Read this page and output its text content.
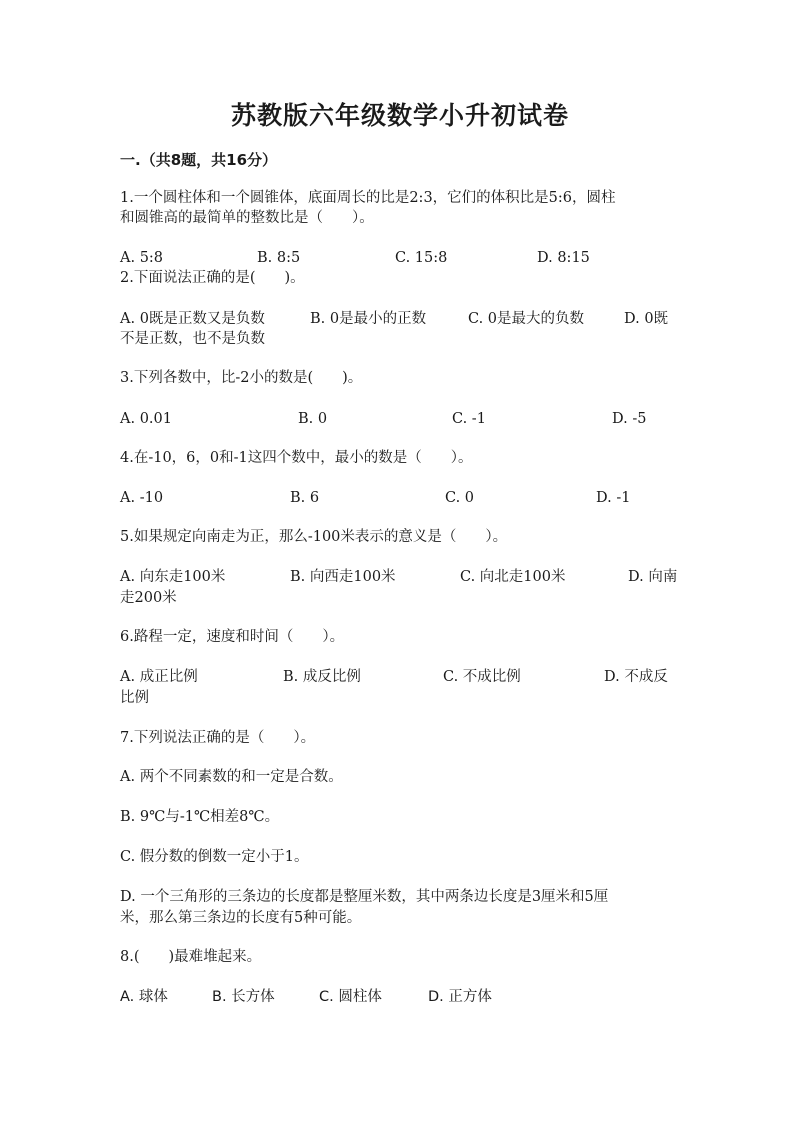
苏教版六年级数学小升初试卷
一.（共8题，共16分）
1.一个圆柱体和一个圆锥体，底面周长的比是2:3，它们的体积比是5:6，圆柱
和圆锥高的最简单的整数比是（　　）。
A. 5:8	B. 8:5	C. 15:8	D. 8:15
2.下面说法正确的是(　　)。
A. 0既是正数又是负数	B. 0是最小的正数	C. 0是最大的负数	D. 0既
不是正数，也不是负数
3.下列各数中，比-2小的数是(　　)。
A. 0.01	B. 0	C. -1	D. -5
4.在-10，6，0和-1这四个数中，最小的数是（　　）。
A. -10	B. 6	C. 0	D. -1
5.如果规定向南走为正，那么-100米表示的意义是（　　）。
A. 向东走100米	B. 向西走100米	C. 向北走100米	D. 向南
走200米
6.路程一定，速度和时间（　　）。
A. 成正比例	B. 成反比例	C. 不成比例	D. 不成反
比例
7.下列说法正确的是（　　）。
A. 两个不同素数的和一定是合数。
B. 9℃与-1℃相差8℃。
C. 假分数的倒数一定小于1。
D. 一个三角形的三条边的长度都是整厘米数，其中两条边长度是3厘米和5厘
米，那么第三条边的长度有5种可能。
8.(　　)最难堆起来。
A. 球体	B. 长方体	C. 圆柱体	D. 正方体
